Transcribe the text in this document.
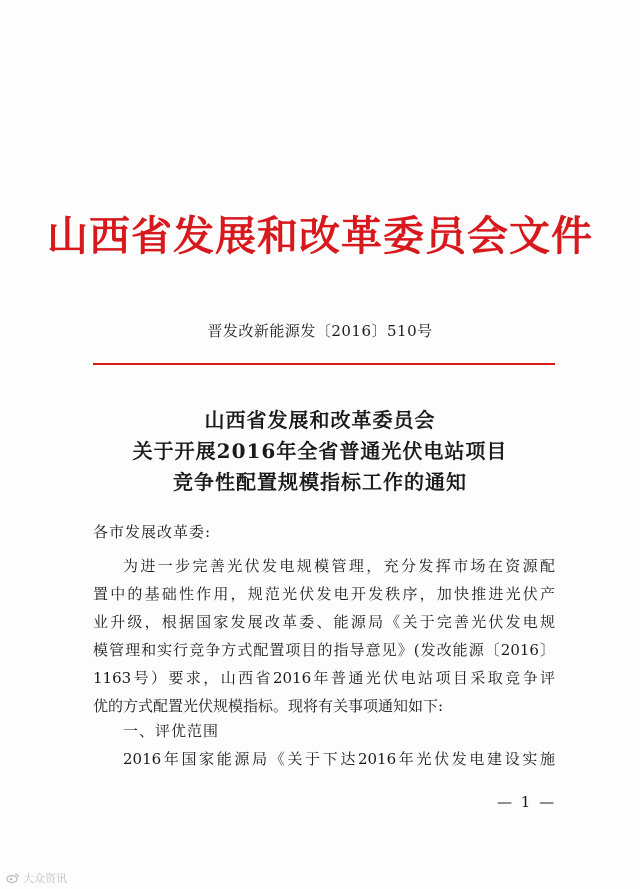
山西省发展和改革委员会文件
晋发改新能源发〔2016〕510号
山西省发展和改革委员会
关于开展2016年全省普通光伏电站项目
竞争性配置规模指标工作的通知
各市发展改革委:
为进一步完善光伏发电规模管理，充分发挥市场在资源配
置中的基础性作用，规范光伏发电开发秩序，加快推进光伏产
业升级，根据国家发展改革委、能源局《关于完善光伏发电规
模管理和实行竞争方式配置项目的指导意见》(发改能源〔2016〕
1163号）要求，山西省2016年普通光伏电站项目采取竞争评
优的方式配置光伏规模指标。现将有关事项通知如下:
一、评优范围
2016年国家能源局《关于下达2016年光伏发电建设实施
— 1 —
大众资讯
